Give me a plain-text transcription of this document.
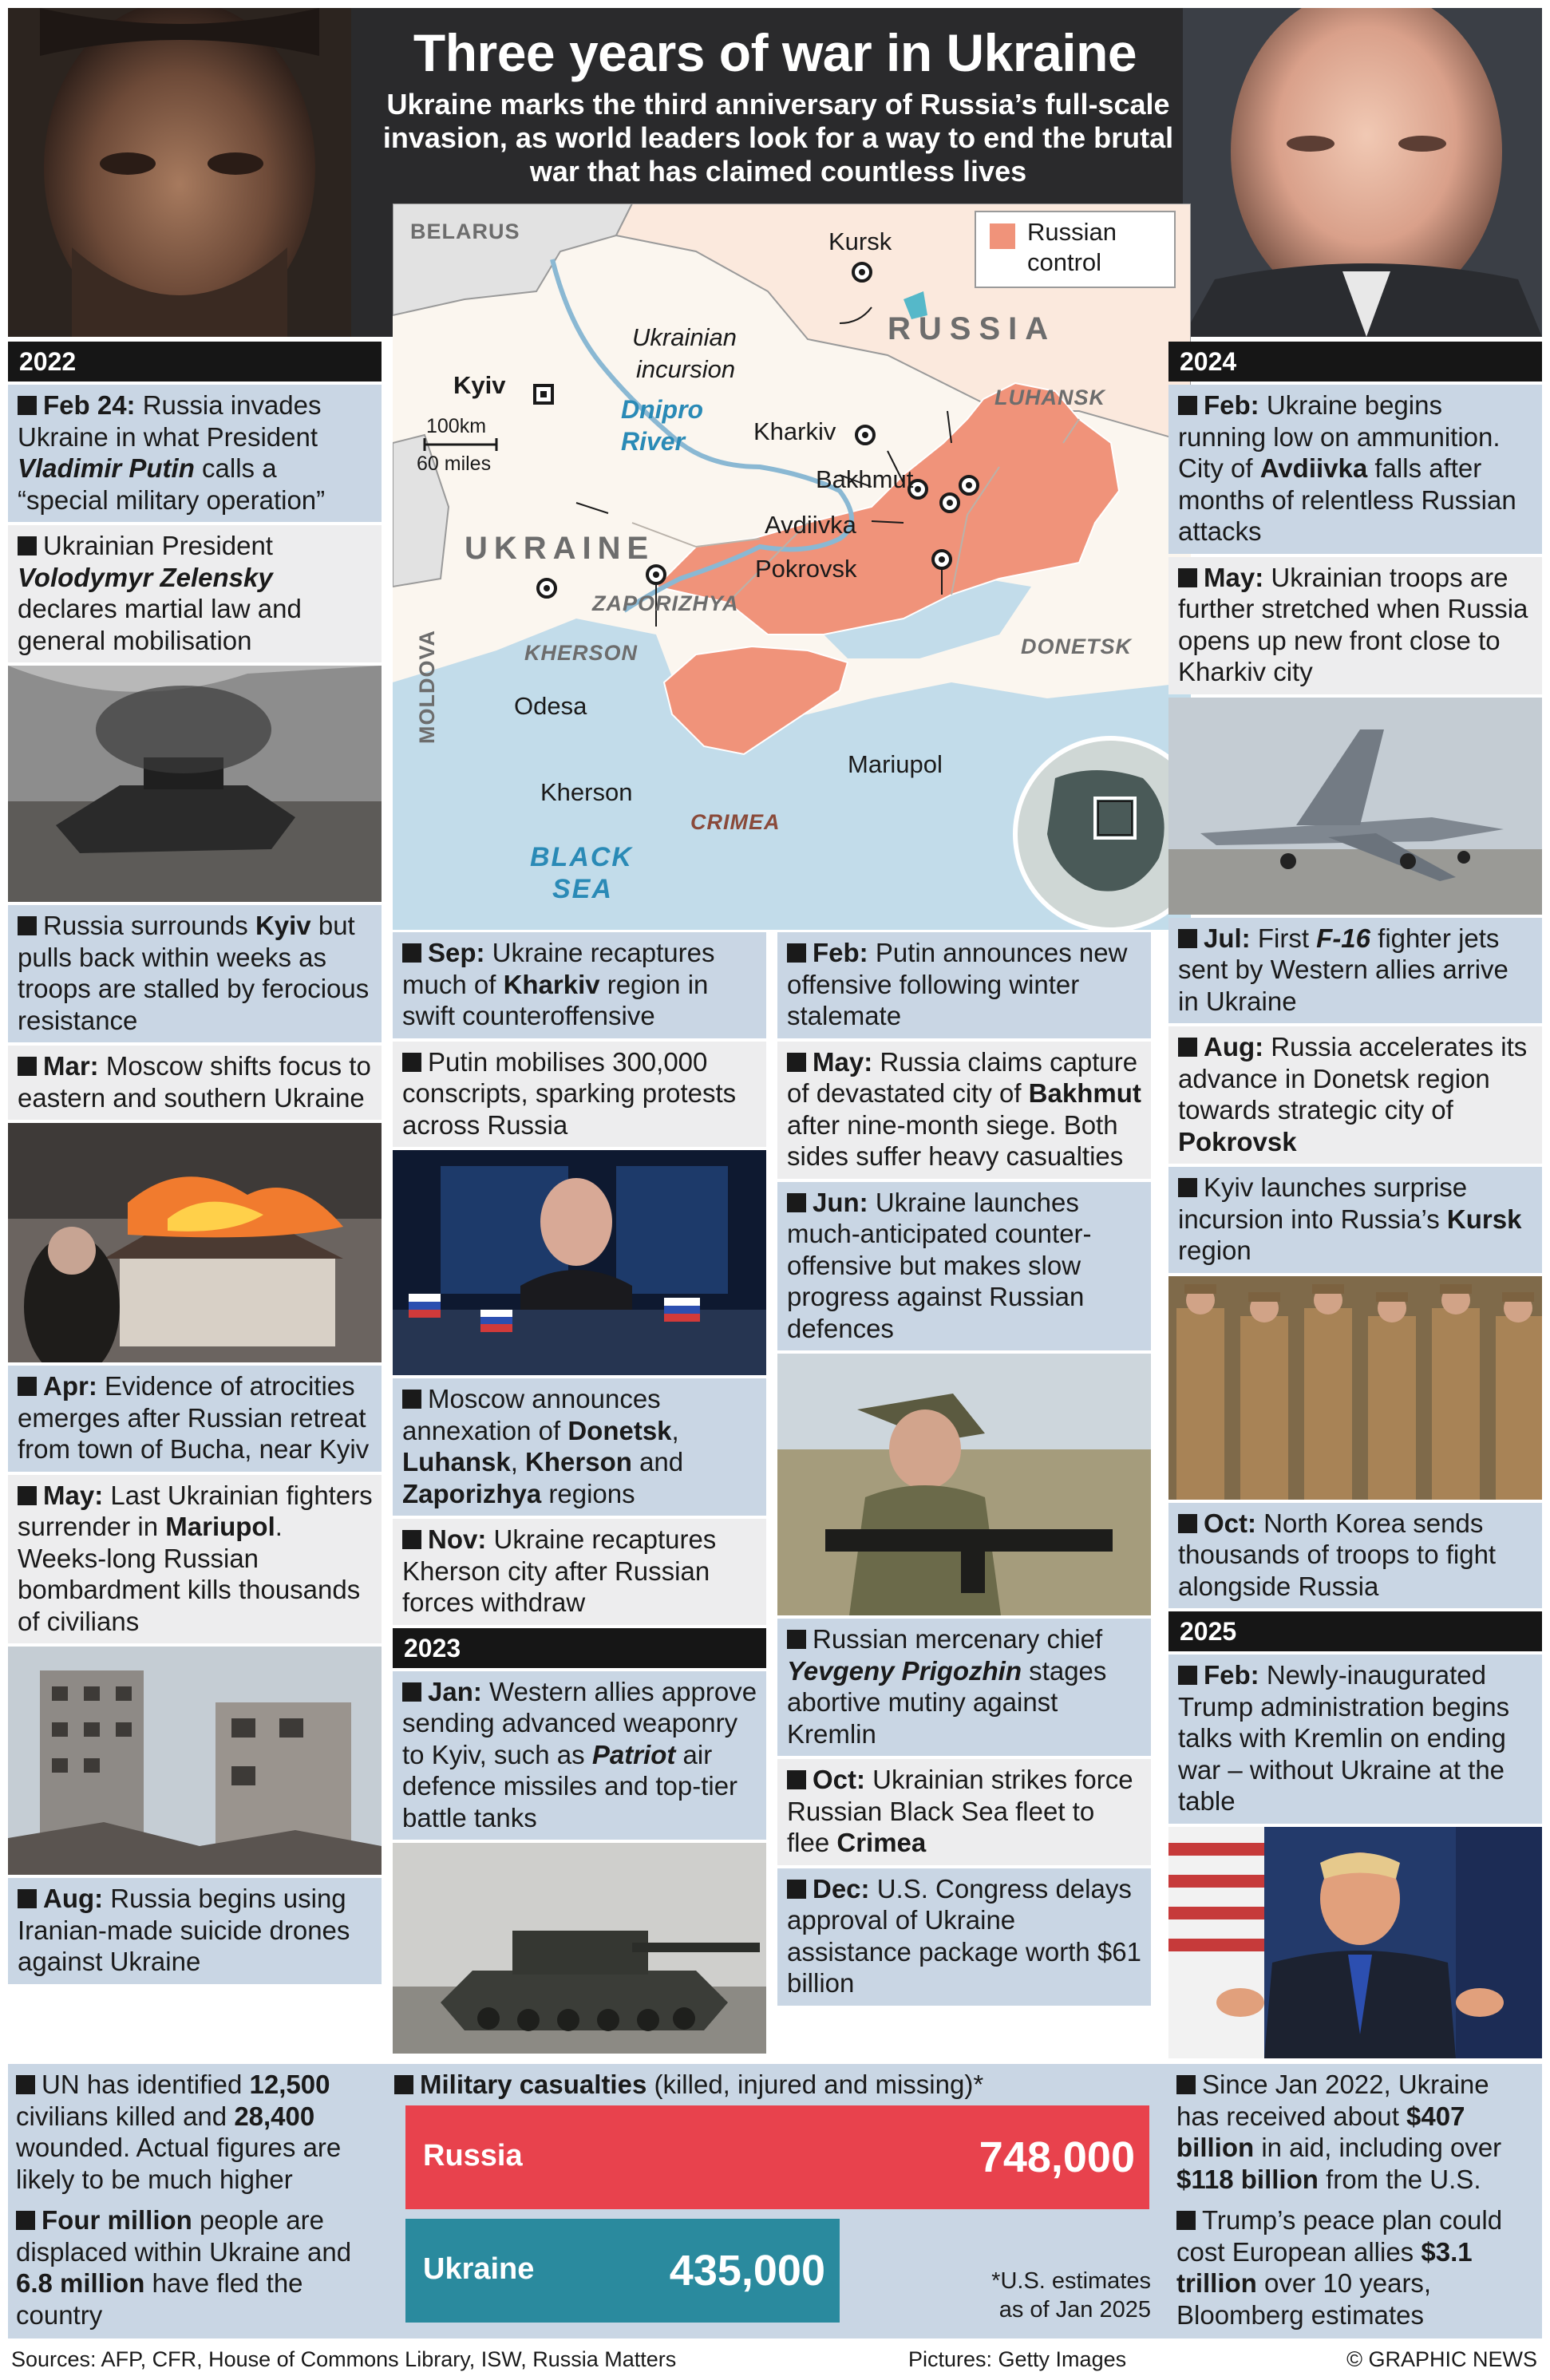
Three years of war in Ukraine
Ukraine marks the third anniversary of Russia’s full-scale invasion, as world leaders look for a way to end the brutal war that has claimed countless lives
Russian control
BELARUS
RUSSIA
UKRAINE
MOLDOVA
LUHANSK
DONETSK
ZAPORIZHYA
KHERSON
CRIMEA
BLACK
SEA
Dnipro
River
Ukrainian
incursion
100km
60 miles
Kursk
Kyiv
Kharkiv
Bakhmut
Avdiivka
Pokrovsk
Odesa
Kherson
Mariupol
2022
Feb 24: Russia invades Ukraine in what President Vladimir Putin calls a “special military operation”
Ukrainian President Volodymyr Zelensky declares martial law and general mobilisation
Russia surrounds Kyiv but pulls back within weeks as troops are stalled by ferocious resistance
Mar: Moscow shifts focus to eastern and southern Ukraine
Apr: Evidence of atrocities emerges after Russian retreat from town of Bucha, near Kyiv
May: Last Ukrainian fighters surrender in Mariupol. Weeks-long Russian bombardment kills thousands of civilians
Aug: Russia begins using Iranian-made suicide drones against Ukraine
Sep: Ukraine recaptures much of Kharkiv region in swift counteroffensive
Putin mobilises 300,000 conscripts, sparking protests across Russia
Moscow announces annexation of Donetsk, Luhansk, Kherson and Zaporizhya regions
Nov: Ukraine recaptures Kherson city after Russian forces withdraw
2023
Jan: Western allies approve sending advanced weaponry to Kyiv, such as Patriot air defence missiles and top-tier battle tanks
Feb: Putin announces new offensive following winter stalemate
May: Russia claims capture of devastated city of Bakhmut after nine-month siege. Both sides suffer heavy casualties
Jun: Ukraine launches much-anticipated counter-offensive but makes slow progress against Russian defences
Russian mercenary chief Yevgeny Prigozhin stages abortive mutiny against Kremlin
Oct: Ukrainian strikes force Russian Black Sea fleet to flee Crimea
Dec: U.S. Congress delays approval of Ukraine assistance package worth $61 billion
2024
Feb: Ukraine begins running low on ammunition. City of Avdiivka falls after months of relentless Russian attacks
May: Ukrainian troops are further stretched when Russia opens up new front close to Kharkiv city
Jul: First F-16 fighter jets sent by Western allies arrive in Ukraine
Aug: Russia accelerates its advance in Donetsk region towards strategic city of Pokrovsk
Kyiv launches surprise incursion into Russia’s Kursk region
Oct: North Korea sends thousands of troops to fight alongside Russia
2025
Feb: Newly-inaugurated Trump administration begins talks with Kremlin on ending war – without Ukraine at the table
UN has identified 12,500 civilians killed and 28,400 wounded. Actual figures are likely to be much higher
Four million people are displaced within Ukraine and 6.8 million have fled the country
Military casualties (killed, injured and missing)*
Russia	748,000
Ukraine	435,000	*U.S. estimates
as of Jan 2025
Since Jan 2022, Ukraine has received about $407 billion in aid, including over $118 billion from the U.S.
Trump’s peace plan could cost European allies $3.1 trillion over 10 years, Bloomberg estimates
Sources: AFP, CFR, House of Commons Library, ISW, Russia Matters	Pictures: Getty Images	© GRAPHIC NEWS
